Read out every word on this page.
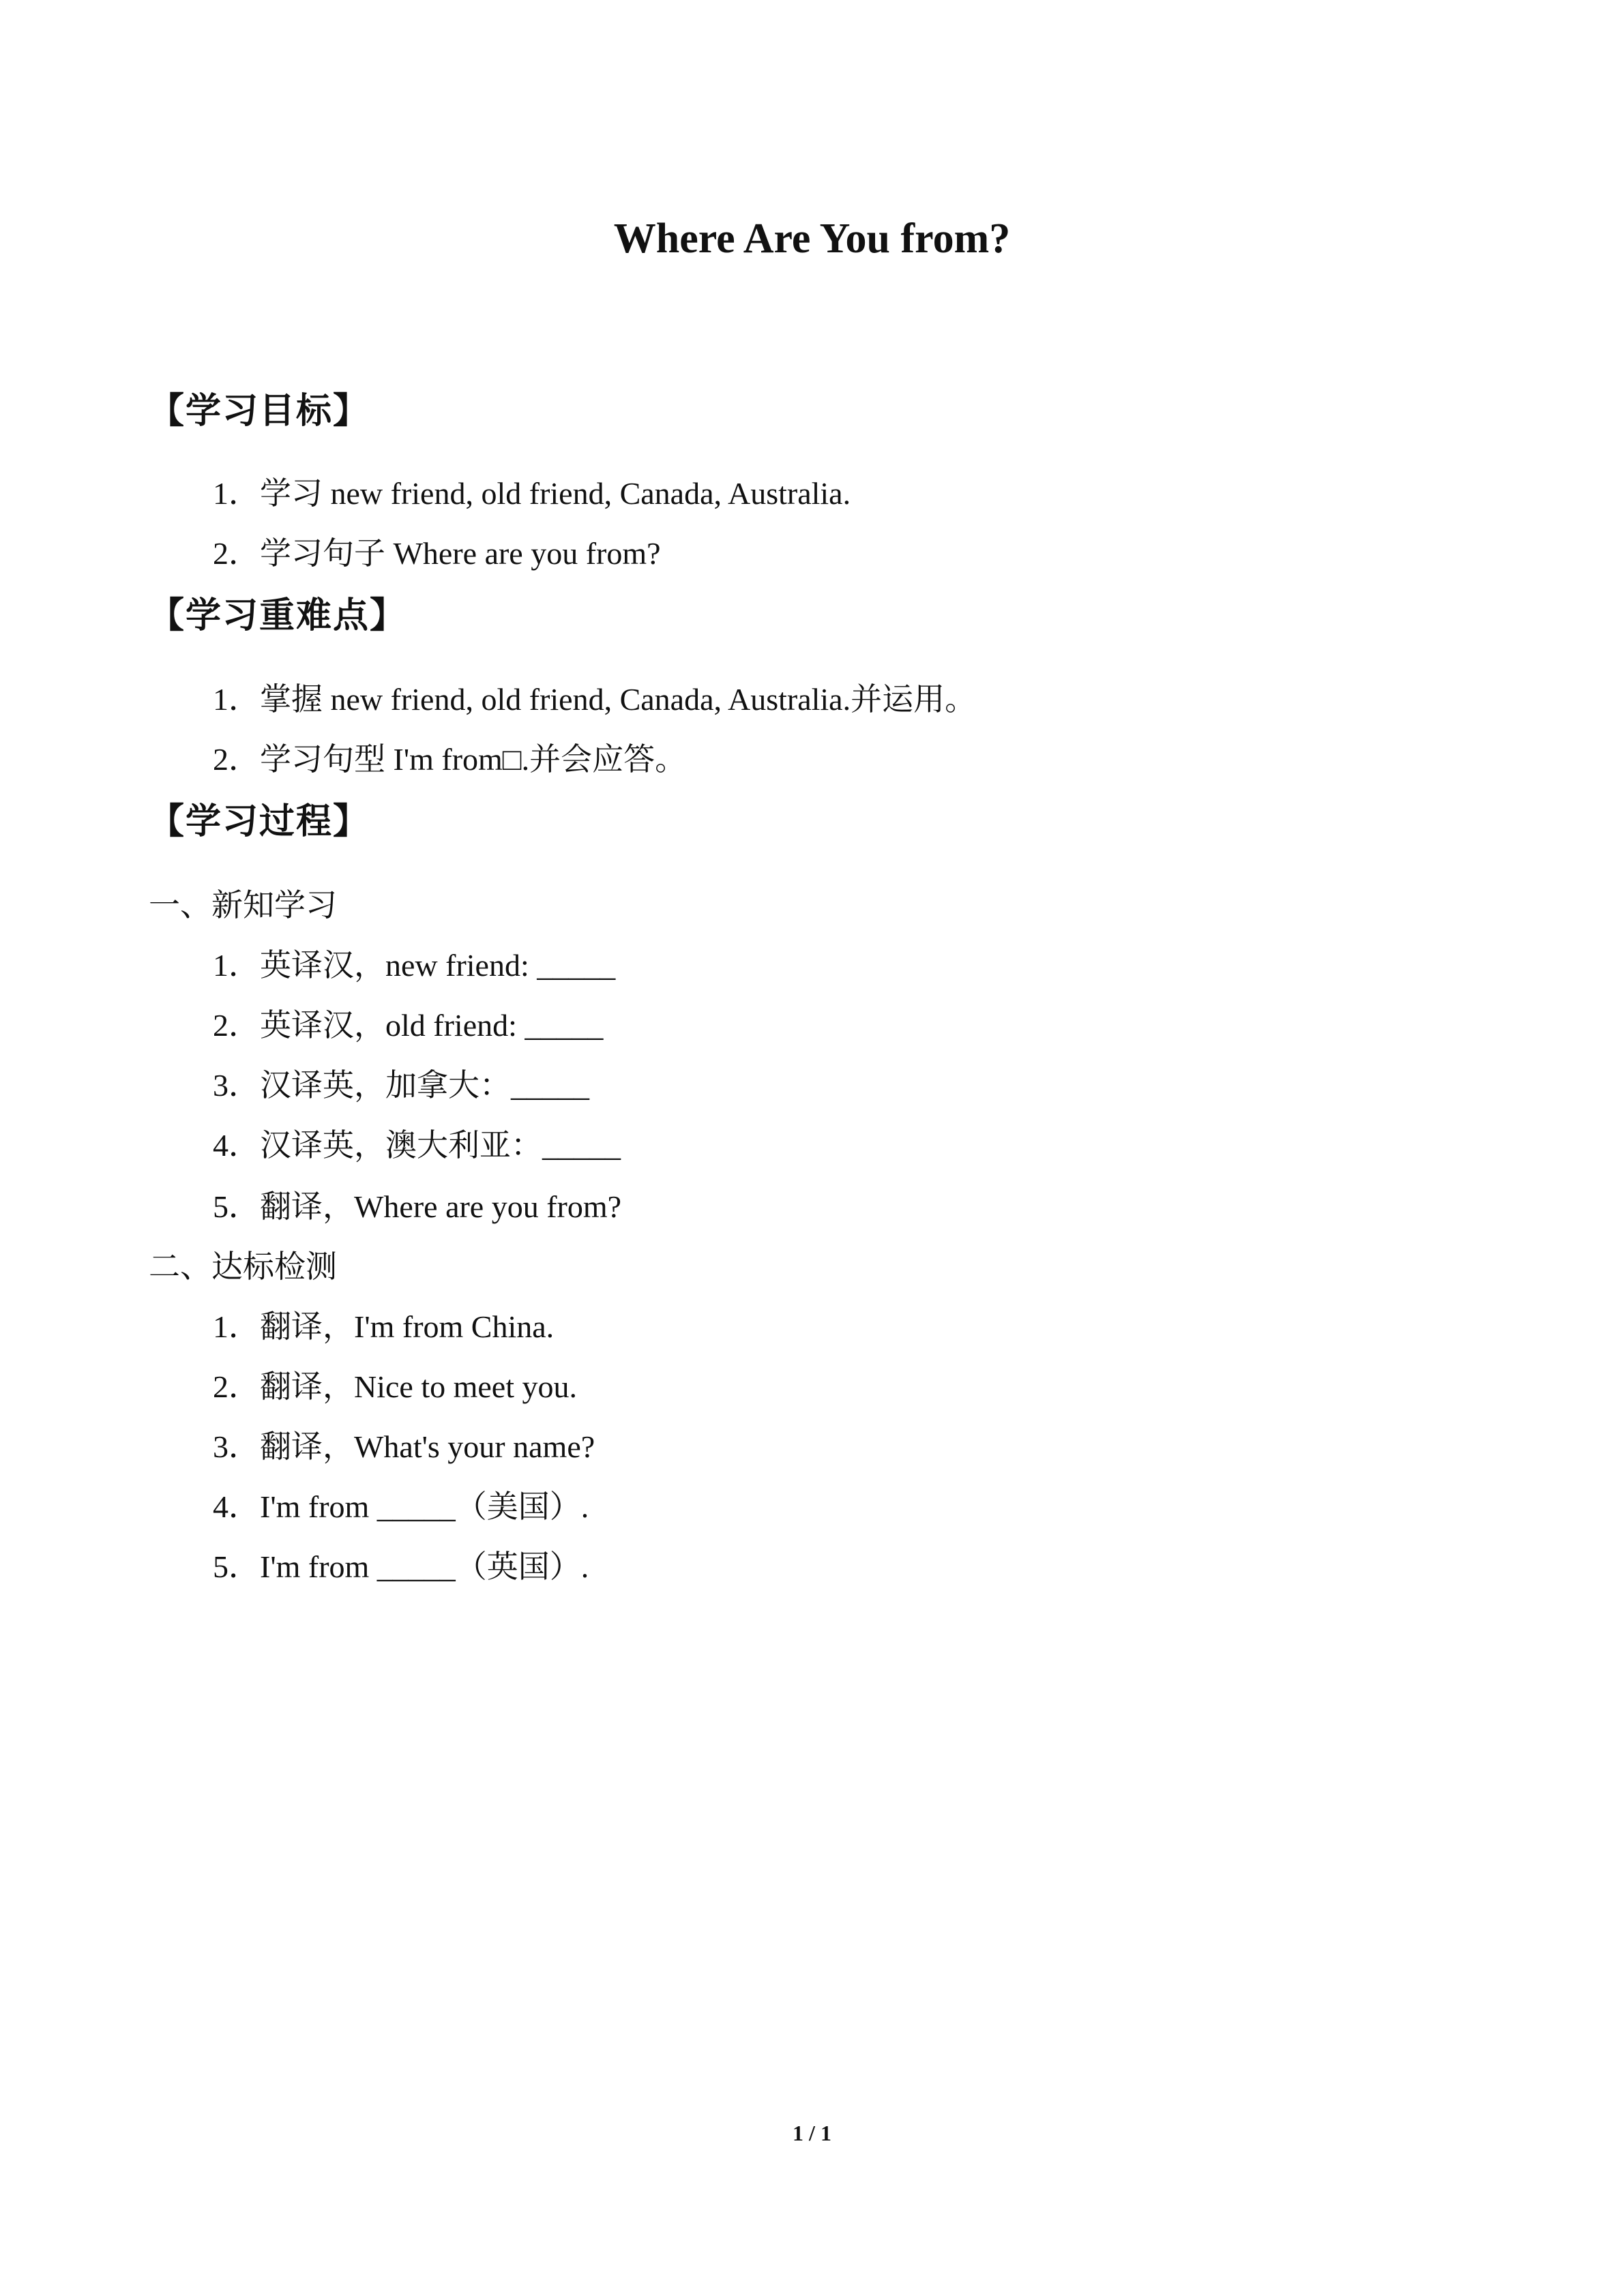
Where Are You from?
【学习目标】
1．学习 new friend, old friend, Canada, Australia.
2．学习句子 Where are you from?
【学习重难点】
1．掌握 new friend, old friend, Canada, Australia.并运用。
2．学习句型 I'm from□.并会应答。
【学习过程】
一、新知学习
1．英译汉，new friend: _____
2．英译汉，old friend: _____
3．汉译英，加拿大：_____
4．汉译英，澳大利亚：_____
5．翻译，Where are you from?
二、达标检测
1．翻译，I'm from China.
2．翻译，Nice to meet you.
3．翻译，What's your name?
4．I'm from _____（美国）.
5．I'm from _____（英国）.
1 / 1
